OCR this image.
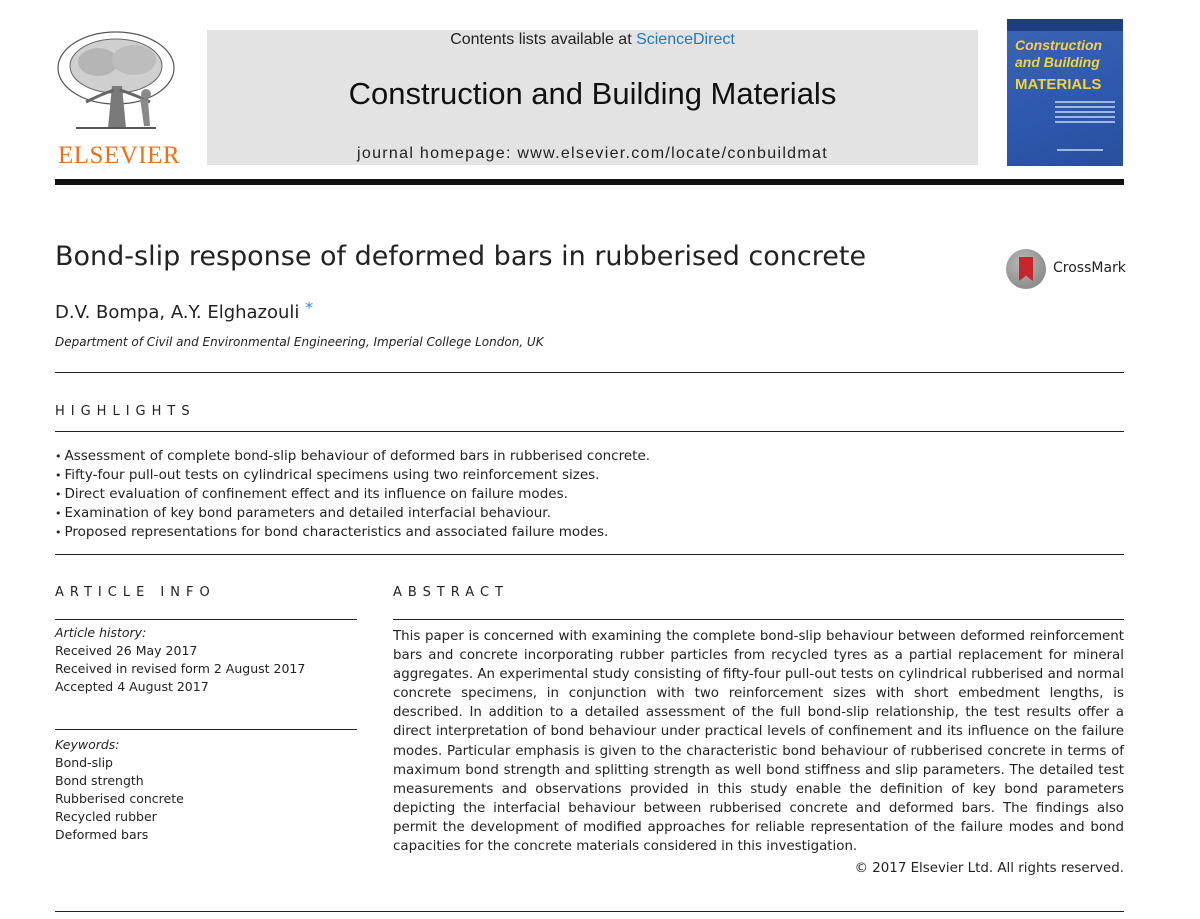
ELSEVIER
Contents lists available at ScienceDirect
Construction and Building Materials
journal homepage: www.elsevier.com/locate/conbuildmat
Construction
and Building
MATERIALS
Bond-slip response of deformed bars in rubberised concrete	CrossMark
D.V. Bompa, A.Y. Elghazouli *
Department of Civil and Environmental Engineering, Imperial College London, UK
HIGHLIGHTS
• Assessment of complete bond-slip behaviour of deformed bars in rubberised concrete.
• Fifty-four pull-out tests on cylindrical specimens using two reinforcement sizes.
• Direct evaluation of confinement effect and its influence on failure modes.
• Examination of key bond parameters and detailed interfacial behaviour.
• Proposed representations for bond characteristics and associated failure modes.
ARTICLE INFO
Article history:
Received 26 May 2017
Received in revised form 2 August 2017
Accepted 4 August 2017
Keywords:
Bond-slip
Bond strength
Rubberised concrete
Recycled rubber
Deformed bars
ABSTRACT
This paper is concerned with examining the complete bond-slip behaviour between deformed reinforcement bars and concrete incorporating rubber particles from recycled tyres as a partial replacement for mineral aggregates. An experimental study consisting of fifty-four pull-out tests on cylindrical rubberised and normal concrete specimens, in conjunction with two reinforcement sizes with short embedment lengths, is described. In addition to a detailed assessment of the full bond-slip relationship, the test results offer a direct interpretation of bond behaviour under practical levels of confinement and its influence on the failure modes. Particular emphasis is given to the characteristic bond behaviour of rubberised concrete in terms of maximum bond strength and splitting strength as well bond stiffness and slip parameters. The detailed test measurements and observations provided in this study enable the definition of key bond parameters depicting the interfacial behaviour between rubberised concrete and deformed bars. The findings also permit the development of modified approaches for reliable representation of the failure modes and bond capacities for the concrete materials considered in this investigation.
© 2017 Elsevier Ltd. All rights reserved.
